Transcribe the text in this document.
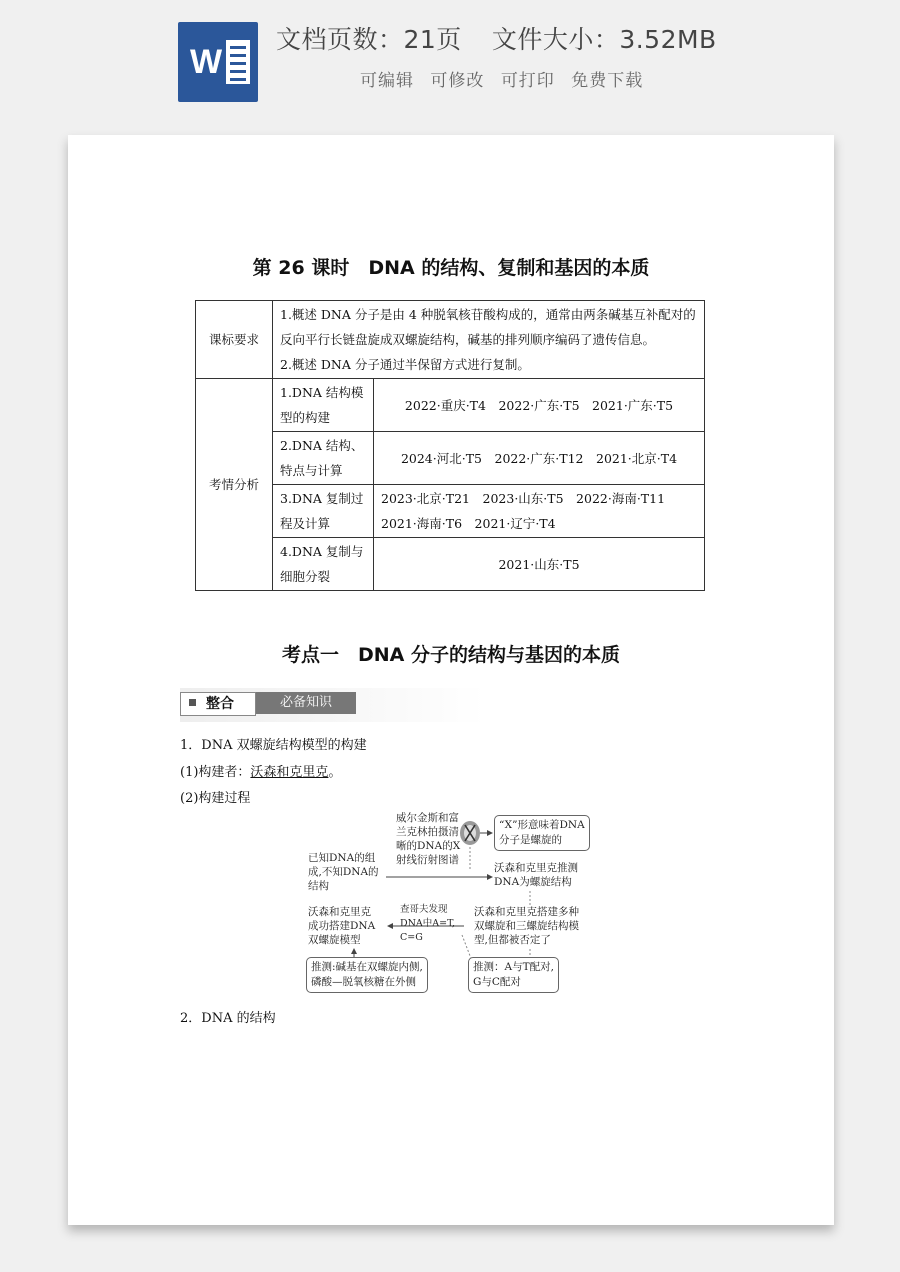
W
文档页数：21页 文件大小：3.52MB
可编辑 可修改 可打印 免费下载
第 26 课时　DNA 的结构、复制和基因的本质
课标要求	1.概述 DNA 分子是由 4 种脱氧核苷酸构成的，通常由两条碱基互补配对的反向平行长链盘旋成双螺旋结构，碱基的排列顺序编码了遗传信息。
2.概述 DNA 分子通过半保留方式进行复制。	

考情分析	1.DNA 结构模型的构建	2022·重庆·T4　2022·广东·T5　2021·广东·T5
	2.DNA 结构、特点与计算	2024·河北·T5　2022·广东·T12　2021·北京·T4
	3.DNA 复制过程及计算	2023·北京·T21　2023·山东·T5　2022·海南·T11　2021·海南·T6　2021·辽宁·T4
	4.DNA 复制与细胞分裂	2021·山东·T5
考点一　DNA 分子的结构与基因的本质
整合	必备知识
1．DNA 双螺旋结构模型的构建
(1)构建者：沃森和克里克。
(2)构建过程
威尔金斯和富
兰克林拍摄清
晰的DNA的X
射线衍射图谱
“X”形意味着DNA
分子是螺旋的
已知DNA的组
成,不知DNA的
结构
沃森和克里克推测
DNA为螺旋结构
沃森和克里克
成功搭建DNA
双螺旋模型
查哥夫发现
DNA中A=T,
C=G
沃森和克里克搭建多种
双螺旋和三螺旋结构模
型,但都被否定了
推测:碱基在双螺旋内侧,
磷酸—脱氧核糖在外侧
推测：A与T配对,
G与C配对
2．DNA 的结构
